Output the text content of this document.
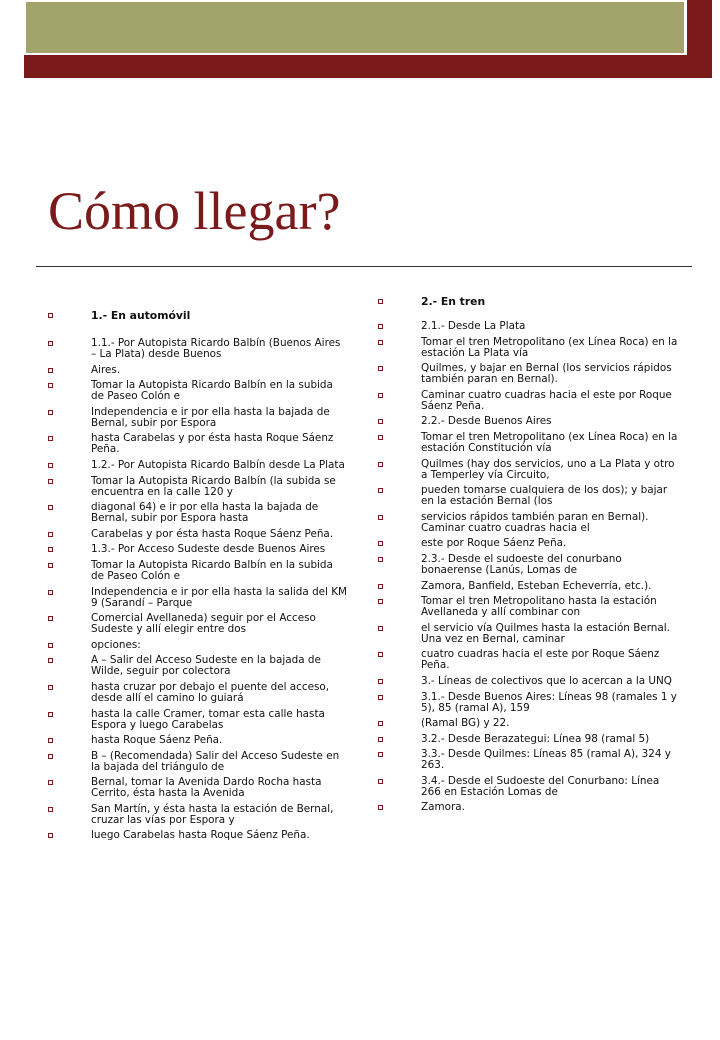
Cómo llegar?
1.- En automóvil
1.1.- Por Autopista Ricardo Balbín (Buenos Aires – La Plata) desde Buenos
Aires.
Tomar la Autopista Ricardo Balbín en la subida de Paseo Colón e
Independencia e ir por ella hasta la bajada de Bernal, subir por Espora
hasta Carabelas y por ésta hasta Roque Sáenz Peña.
1.2.- Por Autopista Ricardo Balbín desde La Plata
Tomar la Autopista Ricardo Balbín (la subida se encuentra en la calle 120 y
diagonal 64) e ir por ella hasta la bajada de Bernal, subir por Espora hasta
Carabelas y por ésta hasta Roque Sáenz Peña.
1.3.- Por Acceso Sudeste desde Buenos Aires
Tomar la Autopista Ricardo Balbín en la subida de Paseo Colón e
Independencia e ir por ella hasta la salida del KM 9 (Sarandí – Parque
Comercial Avellaneda) seguir por el Acceso Sudeste y allí elegir entre dos
opciones:
A – Salir del Acceso Sudeste en la bajada de Wilde, seguir por colectora
hasta cruzar por debajo el puente del acceso, desde allí el camino lo guiará
hasta la calle Cramer, tomar esta calle hasta Espora y luego Carabelas
hasta Roque Sáenz Peña.
B – (Recomendada) Salir del Acceso Sudeste en la bajada del triángulo de
Bernal, tomar la Avenida Dardo Rocha hasta Cerrito, ésta hasta la Avenida
San Martín, y ésta hasta la estación de Bernal, cruzar las vías por Espora y
luego Carabelas hasta Roque Sáenz Peña.
2.- En tren
2.1.- Desde La Plata
Tomar el tren Metropolitano (ex Línea Roca) en la estación La Plata vía
Quilmes, y bajar en Bernal (los servicios rápidos también paran en Bernal).
Caminar cuatro cuadras hacia el este por Roque Sáenz Peña.
2.2.- Desde Buenos Aires
Tomar el tren Metropolitano (ex Línea Roca) en la estación Constitución vía
Quilmes (hay dos servicios, uno a La Plata y otro a Temperley vía Circuito,
pueden tomarse cualquiera de los dos); y bajar en la estación Bernal (los
servicios rápidos también paran en Bernal). Caminar cuatro cuadras hacia el
este por Roque Sáenz Peña.
2.3.- Desde el sudoeste del conurbano bonaerense (Lanús, Lomas de
Zamora, Banfield, Esteban Echeverría, etc.).
Tomar el tren Metropolitano hasta la estación Avellaneda y allí combinar con
el servicio vía Quilmes hasta la estación Bernal. Una vez en Bernal, caminar
cuatro cuadras hacia el este por Roque Sáenz Peña.
3.- Líneas de colectivos que lo acercan a la UNQ
3.1.- Desde Buenos Aires: Líneas 98 (ramales 1 y 5), 85 (ramal A), 159
(Ramal BG) y 22.
3.2.- Desde Berazategui: Línea 98 (ramal 5)
3.3.- Desde Quilmes: Líneas 85 (ramal A), 324 y 263.
3.4.- Desde el Sudoeste del Conurbano: Línea 266 en Estación Lomas de
Zamora.
